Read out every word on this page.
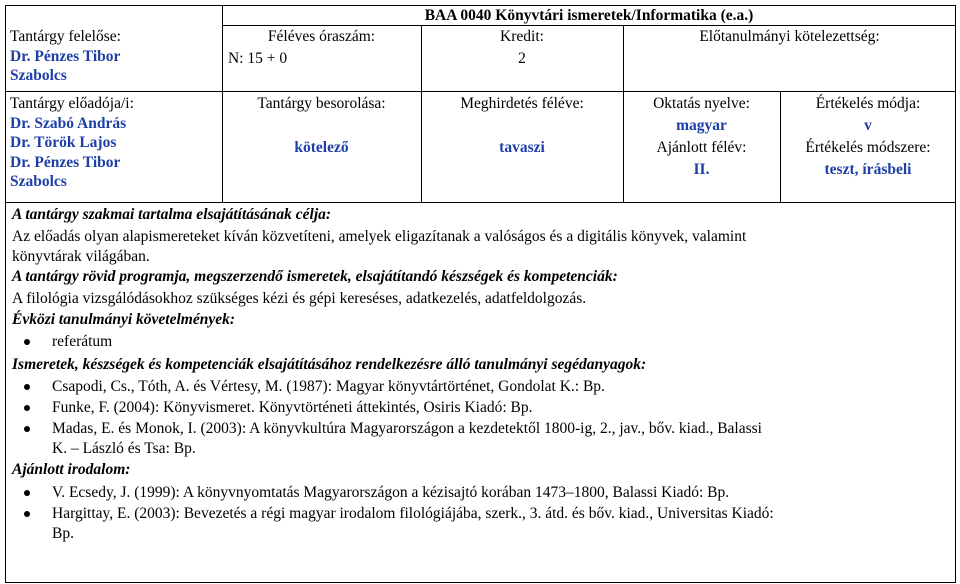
Tantárgy felelőse:
Dr. Pénzes Tibor
Szabolcs
BAA 0040 Könyvtári ismeretek/Informatika (e.a.)
Féléves óraszám:
N: 15 + 0
Kredit:
2
Előtanulmányi kötelezettség:
Tantárgy előadója/i:
Dr. Szabó András
Dr. Török Lajos
Dr. Pénzes Tibor
Szabolcs
Tantárgy besorolása:
kötelező
Meghirdetés féléve:
tavaszi
Oktatás nyelve:
magyar
Ajánlott félév:
II.
Értékelés módja:
v
Értékelés módszere:
teszt, írásbeli
A tantárgy szakmai tartalma elsajátításának célja:
Az előadás olyan alapismereteket kíván közvetíteni, amelyek eligazítanak a valóságos és a digitális könyvek, valamint
könyvtárak világában.
A tantárgy rövid programja, megszerzendő ismeretek, elsajátítandó készségek és kompetenciák:
A filológia vizsgálódásokhoz szükséges kézi és gépi kereséses, adatkezelés, adatfeldolgozás.
Évközi tanulmányi követelmények:
referátum
Ismeretek, készségek és kompetenciák elsajátításához rendelkezésre álló tanulmányi segédanyagok:
Csapodi, Cs., Tóth, A. és Vértesy, M. (1987): Magyar könyvtártörténet, Gondolat K.: Bp.
Funke, F. (2004): Könyvismeret. Könyvtörténeti áttekintés, Osiris Kiadó: Bp.
Madas, E. és Monok, I. (2003): A könyvkultúra Magyarországon a kezdetektől 1800-ig, 2., jav., bőv. kiad., Balassi
K. – László és Tsa: Bp.
Ajánlott irodalom:
V. Ecsedy, J. (1999): A könyvnyomtatás Magyarországon a kézisajtó korában 1473–1800, Balassi Kiadó: Bp.
Hargittay, E. (2003): Bevezetés a régi magyar irodalom filológiájába, szerk., 3. átd. és bőv. kiad., Universitas Kiadó:
Bp.
